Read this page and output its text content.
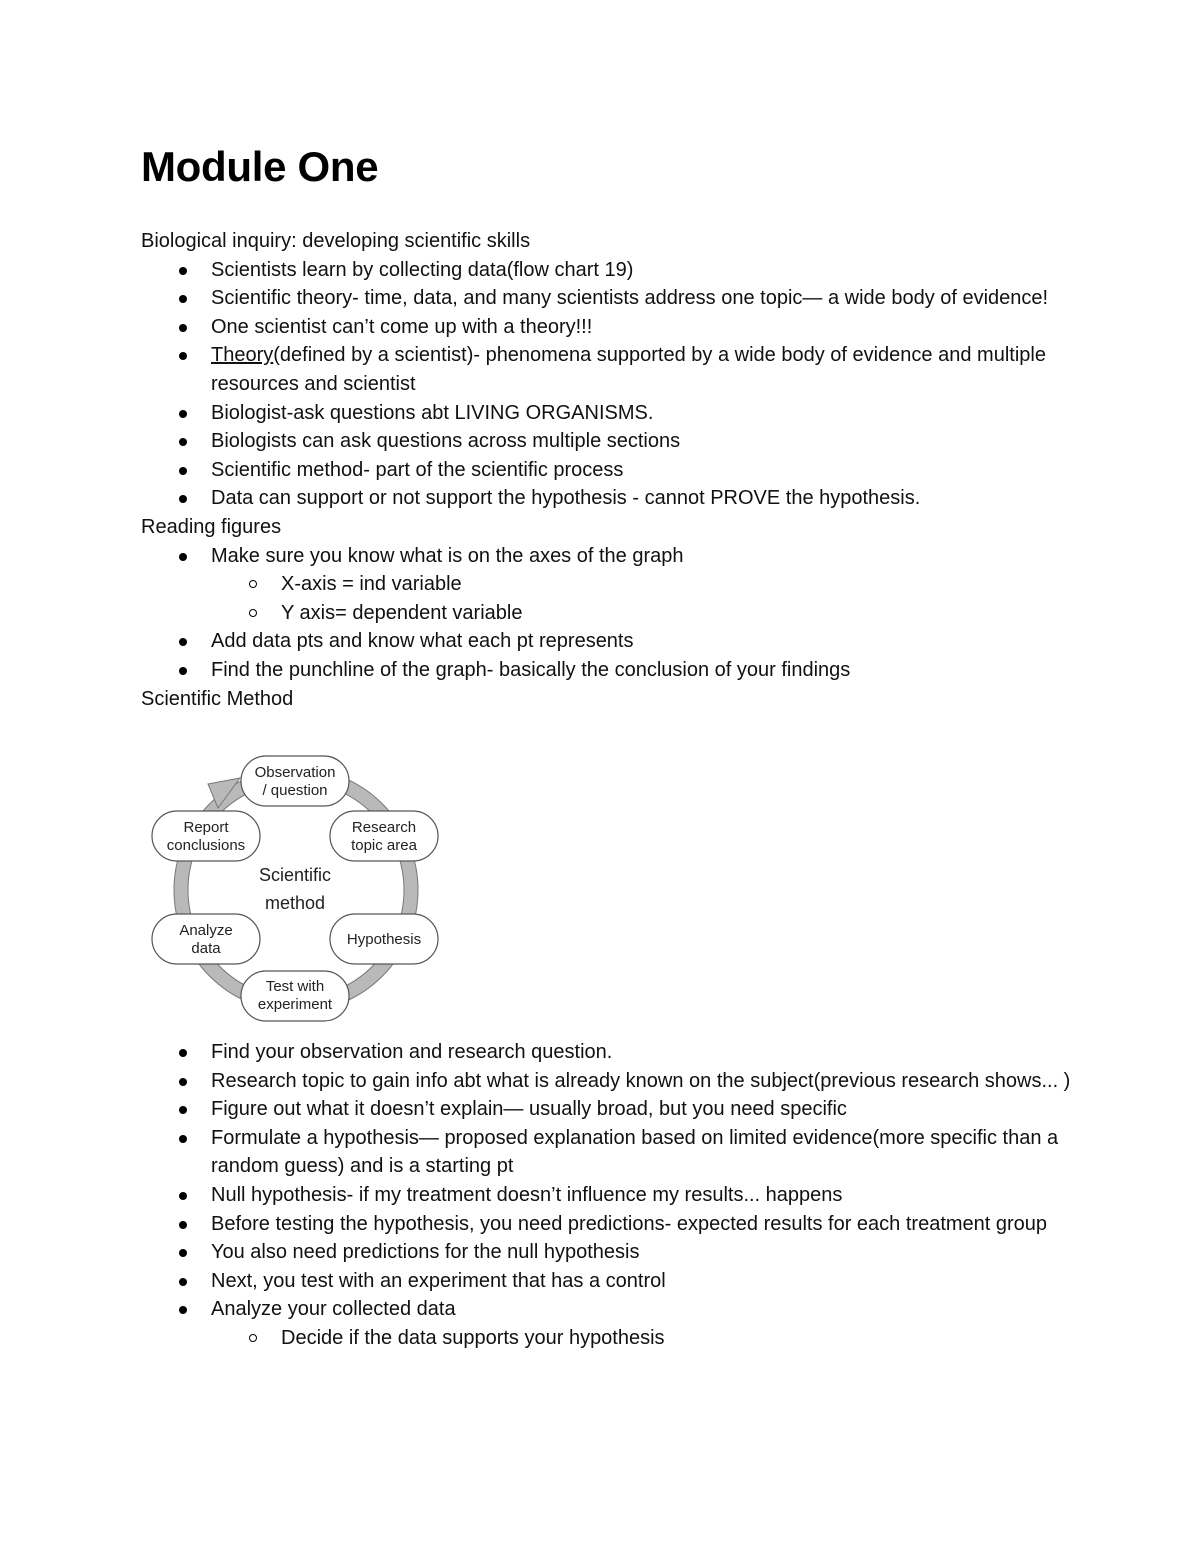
Module One

Biological inquiry: developing scientific skills

Scientists learn by collecting data(flow chart 19)
Scientific theory- time, data, and many scientists address one topic— a wide body of evidence!
One scientist can’t come up with a theory!!!
Theory(defined by a scientist)- phenomena supported by a wide body of evidence and multiple resources and scientist
Biologist-ask questions abt LIVING ORGANISMS.
Biologists can ask questions across multiple sections
Scientific method- part of the scientific process
Data can support or not support the hypothesis - cannot PROVE the hypothesis.

Reading figures

Make sure you know what is on the axes of the graph
X-axis = ind variable
Y axis= dependent variable
Add data pts and know what each pt represents
Find the punchline of the graph- basically the conclusion of your findings

Scientific Method

Observation
/ question
Research
topic area
Hypothesis
Test with
experiment
Analyze
data
Report
conclusions
Scientific
method
Find your observation and research question.
Research topic to gain info abt what is already known on the subject(previous research shows... )
Figure out what it doesn’t explain— usually broad, but you need specific
Formulate a hypothesis— proposed explanation based on limited evidence(more specific than a random guess) and is a starting pt
Null hypothesis- if my treatment doesn’t influence my results... happens
Before testing the hypothesis, you need predictions- expected results for each treatment group
You also need predictions for the null hypothesis
Next, you test with an experiment that has a control
Analyze your collected data
Decide if the data supports your hypothesis
